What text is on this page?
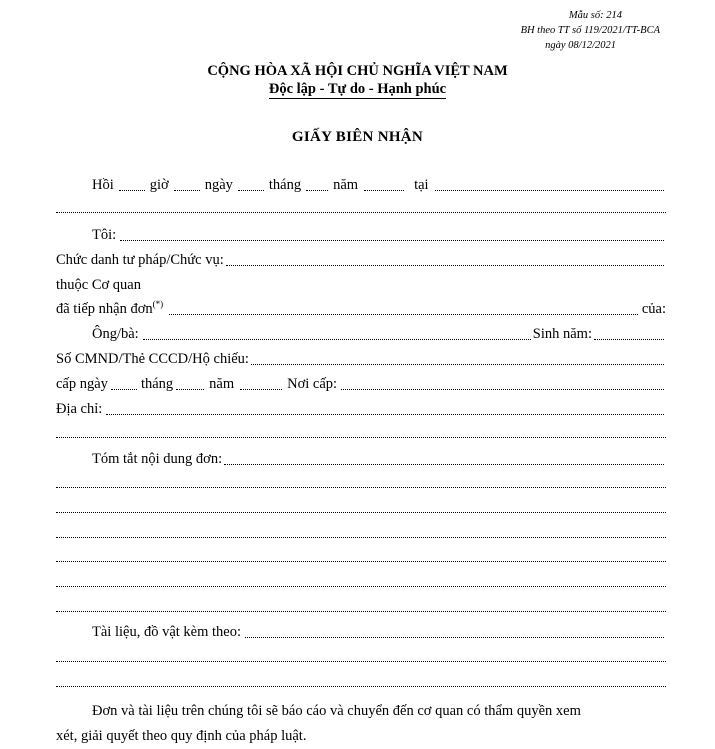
Mẫu số: 214
BH theo TT số 119/2021/TT-BCA
ngày 08/12/2021
CỘNG HÒA XÃ HỘI CHỦ NGHĨA VIỆT NAM
Độc lập - Tự do - Hạnh phúc
GIẤY BIÊN NHẬN
Hồi giờ ngày tháng năm	tại
Tôi:
Chức danh tư pháp/Chức vụ:
thuộc Cơ quan
đã tiếp nhận đơn(*)	của:
Ông/bà:	Sinh năm:
Số CMND/Thẻ CCCD/Hộ chiếu:
cấp ngày tháng năm	Nơi cấp:
Địa chỉ:
Tóm tắt nội dung đơn:
Tài liệu, đồ vật kèm theo:
Đơn và tài liệu trên chúng tôi sẽ báo cáo và chuyển đến cơ quan có thẩm quyền xem
xét, giải quyết theo quy định của pháp luật.
